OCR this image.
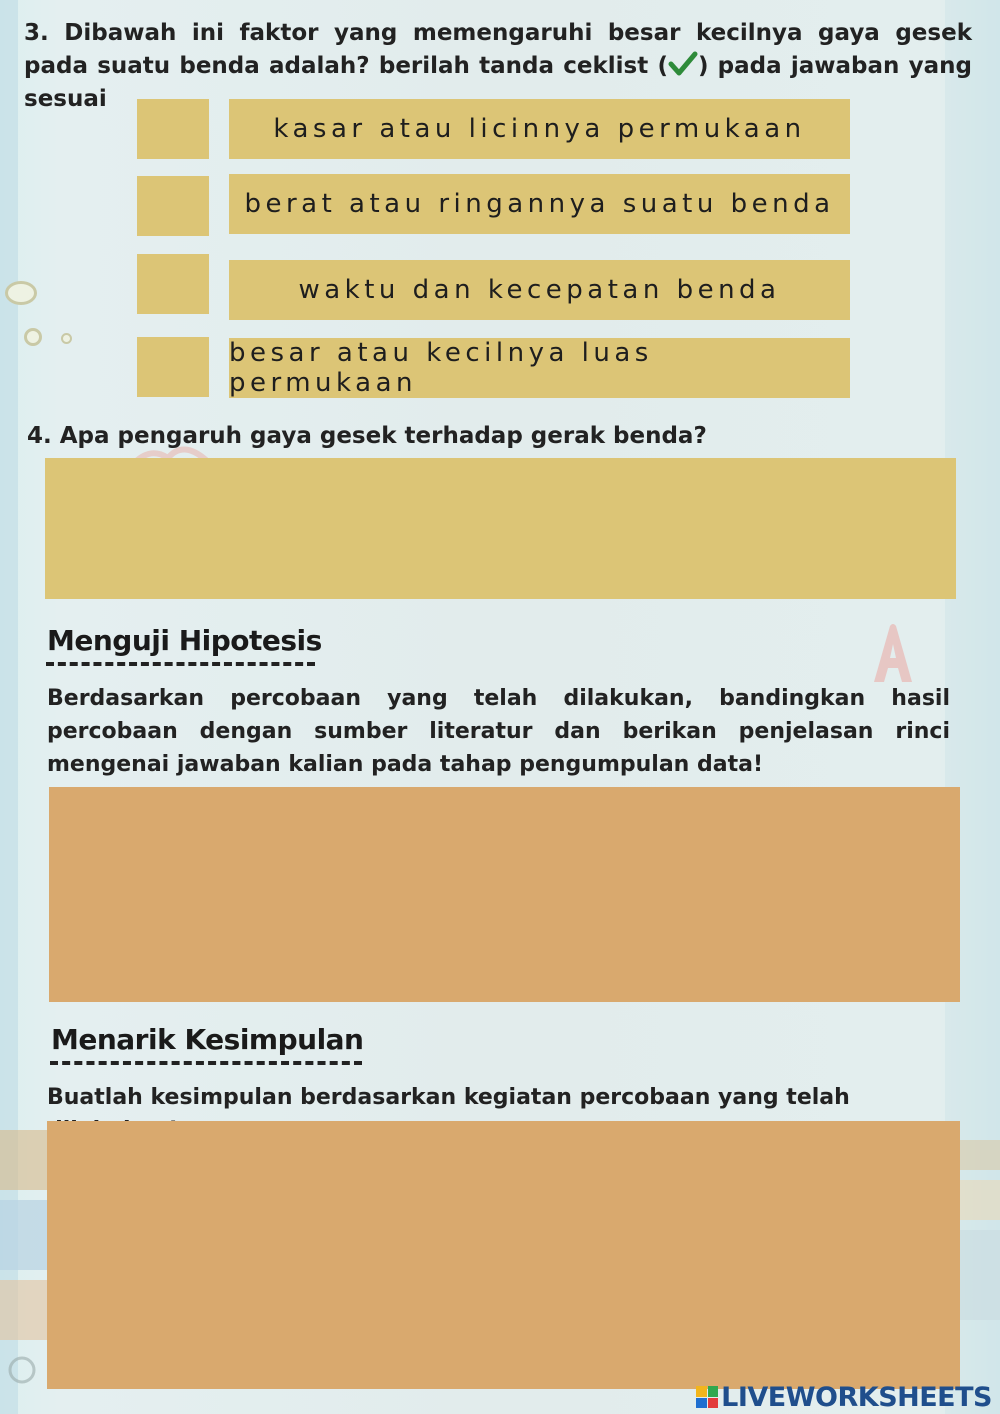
3. Dibawah ini faktor yang memengaruhi besar kecilnya gaya gesek pada suatu benda adalah? berilah tanda ceklist ( ) pada jawaban yang sesuai
kasar atau licinnya permukaan
berat atau ringannya suatu benda
waktu dan kecepatan benda
besar atau kecilnya luas permukaan
4. Apa pengaruh gaya gesek terhadap gerak benda?
Menguji Hipotesis
Berdasarkan percobaan yang telah dilakukan, bandingkan hasil percobaan dengan sumber literatur dan berikan penjelasan rinci mengenai jawaban kalian pada tahap pengumpulan data!
Menarik Kesimpulan
Buatlah kesimpulan berdasarkan kegiatan percobaan yang telah
LIVEWORKSHEETS
